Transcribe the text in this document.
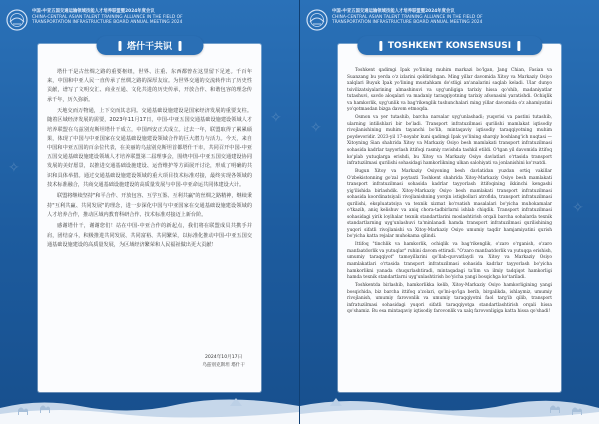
✧
✧
中国-中亚五国交通运输领域技能人才培养联盟暨2024年度会议
CHINA-CENTRAL ASIAN TALENT TRAINING ALLIANCE IN THE FIELD OF
TRANSPORTATION INFRASTRUCTURE BOARD ANNUAL MEETING 2024
塔什干共识

塔什干是古丝绸之路的重要枢纽，世界、注重、东西都曾在这里留下足迹。千百年来，中国和中亚人民一直传承了丝绸之路的深厚友谊。为世界交通的交流转作出了历史性贡献，谱写了文明交汇、商业互通、文化共进的历史传承，开放合作、和谐包容的理念传承千年，历久弥新。

天地交而万物通，上下交而其志同。交通基础设施建设是国家经济发展的重要支柱。随着区域经济发展的需要，2023年11月17日，中国-中亚五国交通基础设施建设领域人才培养联盟在乌兹别克斯坦塔什干成立，中国西安正式成立。过去一年，联盟取得了累累硕果，体现了中国与中亚国家在交通基础设施建设领域合作的巨大潜力与活力。今天，来自中国和中亚五国的百余位代表，在美丽的乌兹别克斯坦首都塔什干市，共同召开中国-中亚五国交通基础设施建设领域人才培养联盟第二届理事会，围绕中国-中亚五国交通建设协同发展的美好愿景，以推进交通基础设施建设、运营维护等方面展开讨论，形成了明确的共识和具体举措。通过交通基础设施建设领域的重大项目技术标准对接，最终实现各领域的技术标准融合，共商交通基础设施建设的高质量发展与中国-中亚命运共同体建设大计。

联盟将继续坚持"和平合作、开放包容、互学互鉴、互利共赢"的丝绸之路精神，继续秉持"互利共赢、共同发展"的理念，进一步深化中国与中亚国家在交通基础设施建设领域的人才培养合作，推动区域内教育科研合作、技术标准对接迈上新台阶。

感谢塔什干，谢谢您们！站在中国-中亚合作的新起点，我们将在联盟成员共携手并肩，团结奋斗，积极推进共同发展、共同富裕、共同繁荣，以标准化推动中国-中亚五国交通基础设施建设的高质量发展，为区域经济繁荣和人民福祉做出更大贡献！

2024年10月17日
乌兹别克斯坦 塔什干
✧
✧
中国-中亚五国交通运输领域技能人才培养联盟暨2024年度会议
CHINA-CENTRAL ASIAN TALENT TRAINING ALLIANCE IN THE FIELD OF
TRANSPORTATION INFRASTRUCTURE BOARD ANNUAL MEETING 2024
TOSHKENT KONSENSUSI

Toshkent qadimgi Ipak yo'lining muhim markazi bo'lgan, Jang Chian, Fasian va Suanzang bu yerda o'z izlarini qoldirishgan. Ming yillar davomida Xitoy va Markaziy Osiyo xalqlari Buyuk Ipak yo'lining mustahkam do'stligi an'analarini saqlab keladi. Ular dunyo tsivilizatsiyalarining almashinuvi va uyg'unligiga tarixiy hissa qo'shib, madaniyatlar tutashuvi, savdo aloqalari va madaniy taraqqiyotning tarixiy afsonasini yaratishdi. Ochiqlik va hamkorlik, uyg'unlik va bag'rikenglik tushunchalari ming yillar davomida o'z ahamiyatini yo'qotmasdan bizga davom etmoqda.

Osmon va yer tutashib, barcha narsalar uyg'unlashadi; yuqorisi va pastini tutashib, ularning intilishlari bir bo'ladi. Transport infratuzilmasi qurilishi mamlakat iqtisodiy rivojlanishining muhim tayanchi bo'lib, mintaqaviy iqtisodiy taraqqiyotning muhim poydevoridir. 2023-yil 17-noyabr kuni qadimgi Ipak yo'lining sharqiy boshlang'ich nuqtasi — Xitoyning Sian shahrida Xitoy va Markaziy Osiyo besh mamlakati transport infratuzilmasi sohasida kadrlar tayyorlash ittifoqi rasmiy ravishda tashkil etildi. O'tgan yil davomida ittifoq ko'plab yutuqlarga erishdi, bu Xitoy va Markaziy Osiyo davlatlari o'rtasida transport infratuzilmasi qurilishi sohasidagi hamkorlikning ulkan salohiyati va jonlanishini ko'rsatdi.

Bugun Xitoy va Markaziy Osiyoning besh davlatidan yuzdan ortiq vakillar O'zbekistonning go'zal poytaxti Toshkent shahrida Xitoy-Markaziy Osiyo besh mamlakati transport infratuzilmasi sohasida kadrlar tayyorlash ittifoqining ikkinchi kengashi yig'ilishida birlashdik. Xitoy-Markaziy Osiyo besh mamlakati transport infratuzilmasi sohasida koordinatsiyali rivojlanishning yorqin istiqbollari atrofida, transport infratuzilmasi qurilishi, ekspluatatsiya va texnik xizmat ko'rsatish masalalari bo'yicha muhokamalar o'tkazib, aniq kelishuv va aniq chora-tadbirlarni ishlab chiqdik. Transport infratuzilmasi sohasidagi yirik loyihalar texnik standartlarini moslashtirish orqali barcha sohalarda texnik standartlarning uyg'unlashuvi ta'minlanadi hamda transport infratuzilmasi qurilishining yuqori sifatli rivojlanishi va Xitoy-Markaziy Osiyo umumiy taqdir hamjamiyatini qurish bo'yicha katta rejalar muhokama qilindi.

Ittifoq "tinchlik va hamkorlik, ochiqlik va bag'rikenglik, o'zaro o'rganish, o'zaro manfaatdorlik va yutuqlar" ruhini davom ettiradi. "O'zaro manfaatdorlik va yutuqqa erishish, umumiy taraqqiyot" tamoyillarini qo'llab-quvvatlaydi va Xitoy va Markaziy Osiyo mamlakatlari o'rtasida transport infratuzilmasi sohasida kadrlar tayyorlash bo'yicha hamkorlikni yanada chuqurlashtiradi, mintaqadagi ta'lim va ilmiy tadqiqot hamkorligi hamda texnik standartlarni uyg'unlashtirish bo'yicha yangi bosqichga ko'tariladi.

Toshkentda birlashib, hamkorlikka kelib, Xitoy-Markaziy Osiyo hamkorligining yangi bosqichida, biz barcha ittifoq a'zolari, qo'lni-qo'lga berib, birgalikda, ishlaymiz, umumiy rivojlanish, umumiy farovonlik va umumiy taraqqiyotni faol targ'ib qilib, transport infratuzilmasi sohasidagi yuqori sifatli taraqqiyotga standartlashtirish orqali hissa qo'shamiz. Bu esa mintaqaviy iqtisodiy farovonlik va xalq farovonligiga katta hissa qo'shadi!
